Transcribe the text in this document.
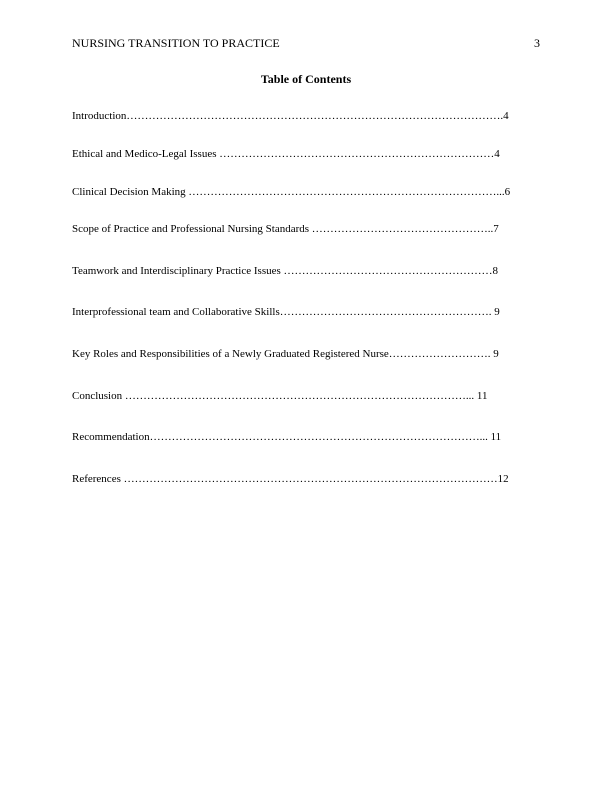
NURSING TRANSITION TO PRACTICE	3
Table of Contents
Introduction………………………………………………………………………………………….4
Ethical and Medico-Legal Issues …………………………………………………………………4
Clinical Decision Making …………………………………………………………………………...6
Scope of Practice and Professional Nursing Standards …………………………………………..7
Teamwork and Interdisciplinary Practice Issues …………………………………………………8
Interprofessional team and Collaborative Skills…………………………………………………. 9
Key Roles and Responsibilities of a Newly Graduated Registered Nurse………………………. 9
Conclusion …………………………………………………………………………………... 11
Recommendation………………………………………………………………………………... 11
References …………………………………………………………………………………………12
